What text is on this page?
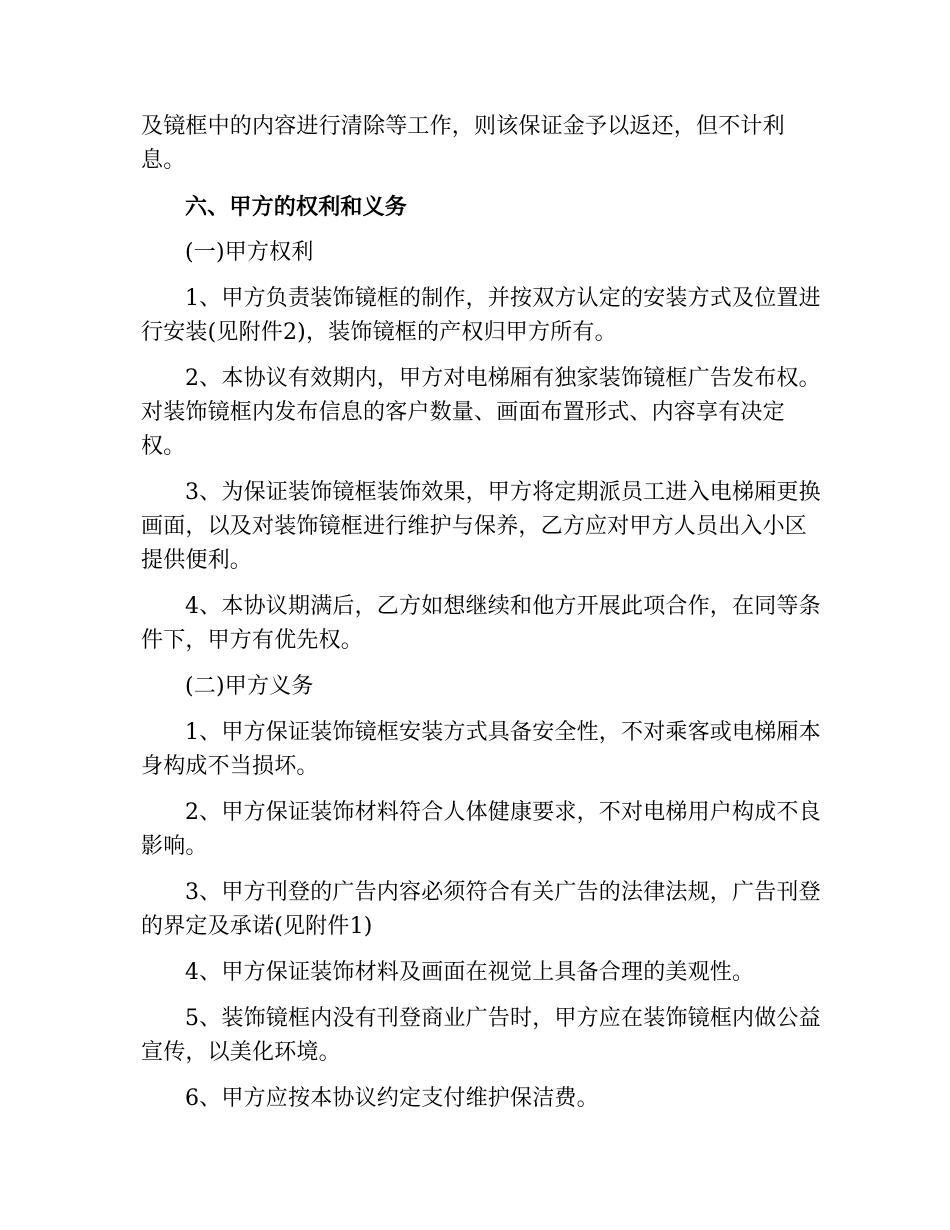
及镜框中的内容进行清除等工作，则该保证金予以返还，但不计利息。

六、甲方的权利和义务

(一)甲方权利

1、甲方负责装饰镜框的制作，并按双方认定的安装方式及位置进行安装(见附件2)，装饰镜框的产权归甲方所有。

2、本协议有效期内，甲方对电梯厢有独家装饰镜框广告发布权。对装饰镜框内发布信息的客户数量、画面布置形式、内容享有决定权。

3、为保证装饰镜框装饰效果，甲方将定期派员工进入电梯厢更换画面，以及对装饰镜框进行维护与保养，乙方应对甲方人员出入小区提供便利。

4、本协议期满后，乙方如想继续和他方开展此项合作，在同等条件下，甲方有优先权。

(二)甲方义务

1、甲方保证装饰镜框安装方式具备安全性，不对乘客或电梯厢本身构成不当损坏。

2、甲方保证装饰材料符合人体健康要求，不对电梯用户构成不良影响。

3、甲方刊登的广告内容必须符合有关广告的法律法规，广告刊登的界定及承诺(见附件1)

4、甲方保证装饰材料及画面在视觉上具备合理的美观性。

5、装饰镜框内没有刊登商业广告时，甲方应在装饰镜框内做公益宣传，以美化环境。

6、甲方应按本协议约定支付维护保洁费。
